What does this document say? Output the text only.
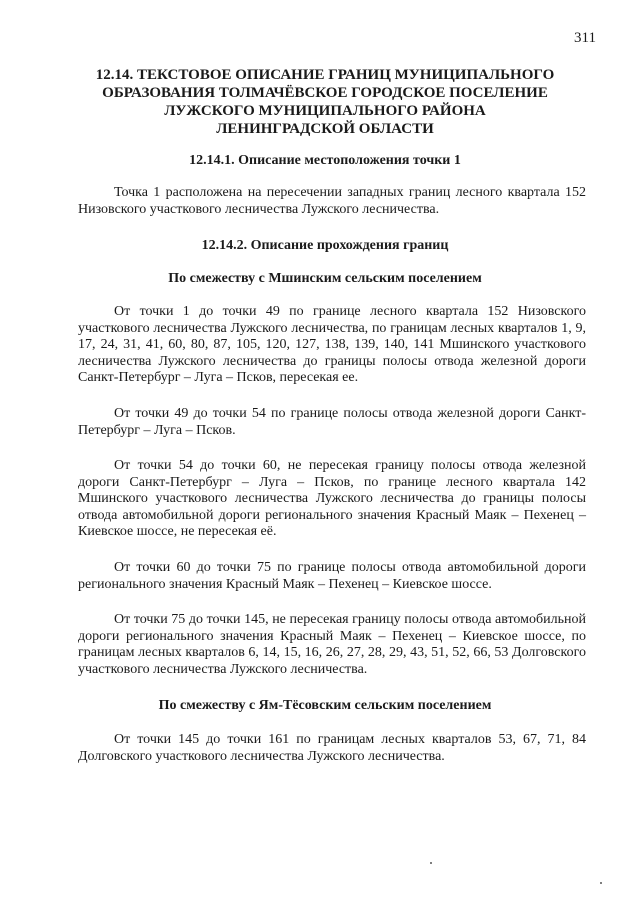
311
12.14. ТЕКСТОВОЕ ОПИСАНИЕ ГРАНИЦ МУНИЦИПАЛЬНОГО
ОБРАЗОВАНИЯ ТОЛМАЧЁВСКОЕ ГОРОДСКОЕ ПОСЕЛЕНИЕ
ЛУЖСКОГО МУНИЦИПАЛЬНОГО РАЙОНА
ЛЕНИНГРАДСКОЙ ОБЛАСТИ
12.14.1. Описание местоположения точки 1
Точка 1 расположена на пересечении западных границ лесного квартала 152 Низовского участкового лесничества Лужского лесничества.
12.14.2. Описание прохождения границ
По смежеству с Мшинским сельским поселением
От точки 1 до точки 49 по границе лесного квартала 152 Низовского участкового лесничества Лужского лесничества, по границам лесных кварталов 1, 9, 17, 24, 31, 41, 60, 80, 87, 105, 120, 127, 138, 139, 140, 141 Мшинского участкового лесничества Лужского лесничества до границы полосы отвода железной дороги Санкт-Петербург – Луга – Псков, пересекая ее.
От точки 49 до точки 54 по границе полосы отвода железной дороги Санкт-Петербург – Луга – Псков.
От точки 54 до точки 60, не пересекая границу полосы отвода железной дороги Санкт-Петербург – Луга – Псков, по границе лесного квартала 142 Мшинского участкового лесничества Лужского лесничества до границы полосы отвода автомобильной дороги регионального значения Красный Маяк – Пехенец – Киевское шоссе, не пересекая её.
От точки 60 до точки 75 по границе полосы отвода автомобильной дороги регионального значения Красный Маяк – Пехенец – Киевское шоссе.
От точки 75 до точки 145, не пересекая границу полосы отвода автомобильной дороги регионального значения Красный Маяк – Пехенец – Киевское шоссе, по границам лесных кварталов 6, 14, 15, 16, 26, 27, 28, 29, 43, 51, 52, 66, 53 Долговского участкового лесничества Лужского лесничества.
По смежеству с Ям-Тёсовским сельским поселением
От точки 145 до точки 161 по границам лесных кварталов 53, 67, 71, 84 Долговского участкового лесничества Лужского лесничества.
